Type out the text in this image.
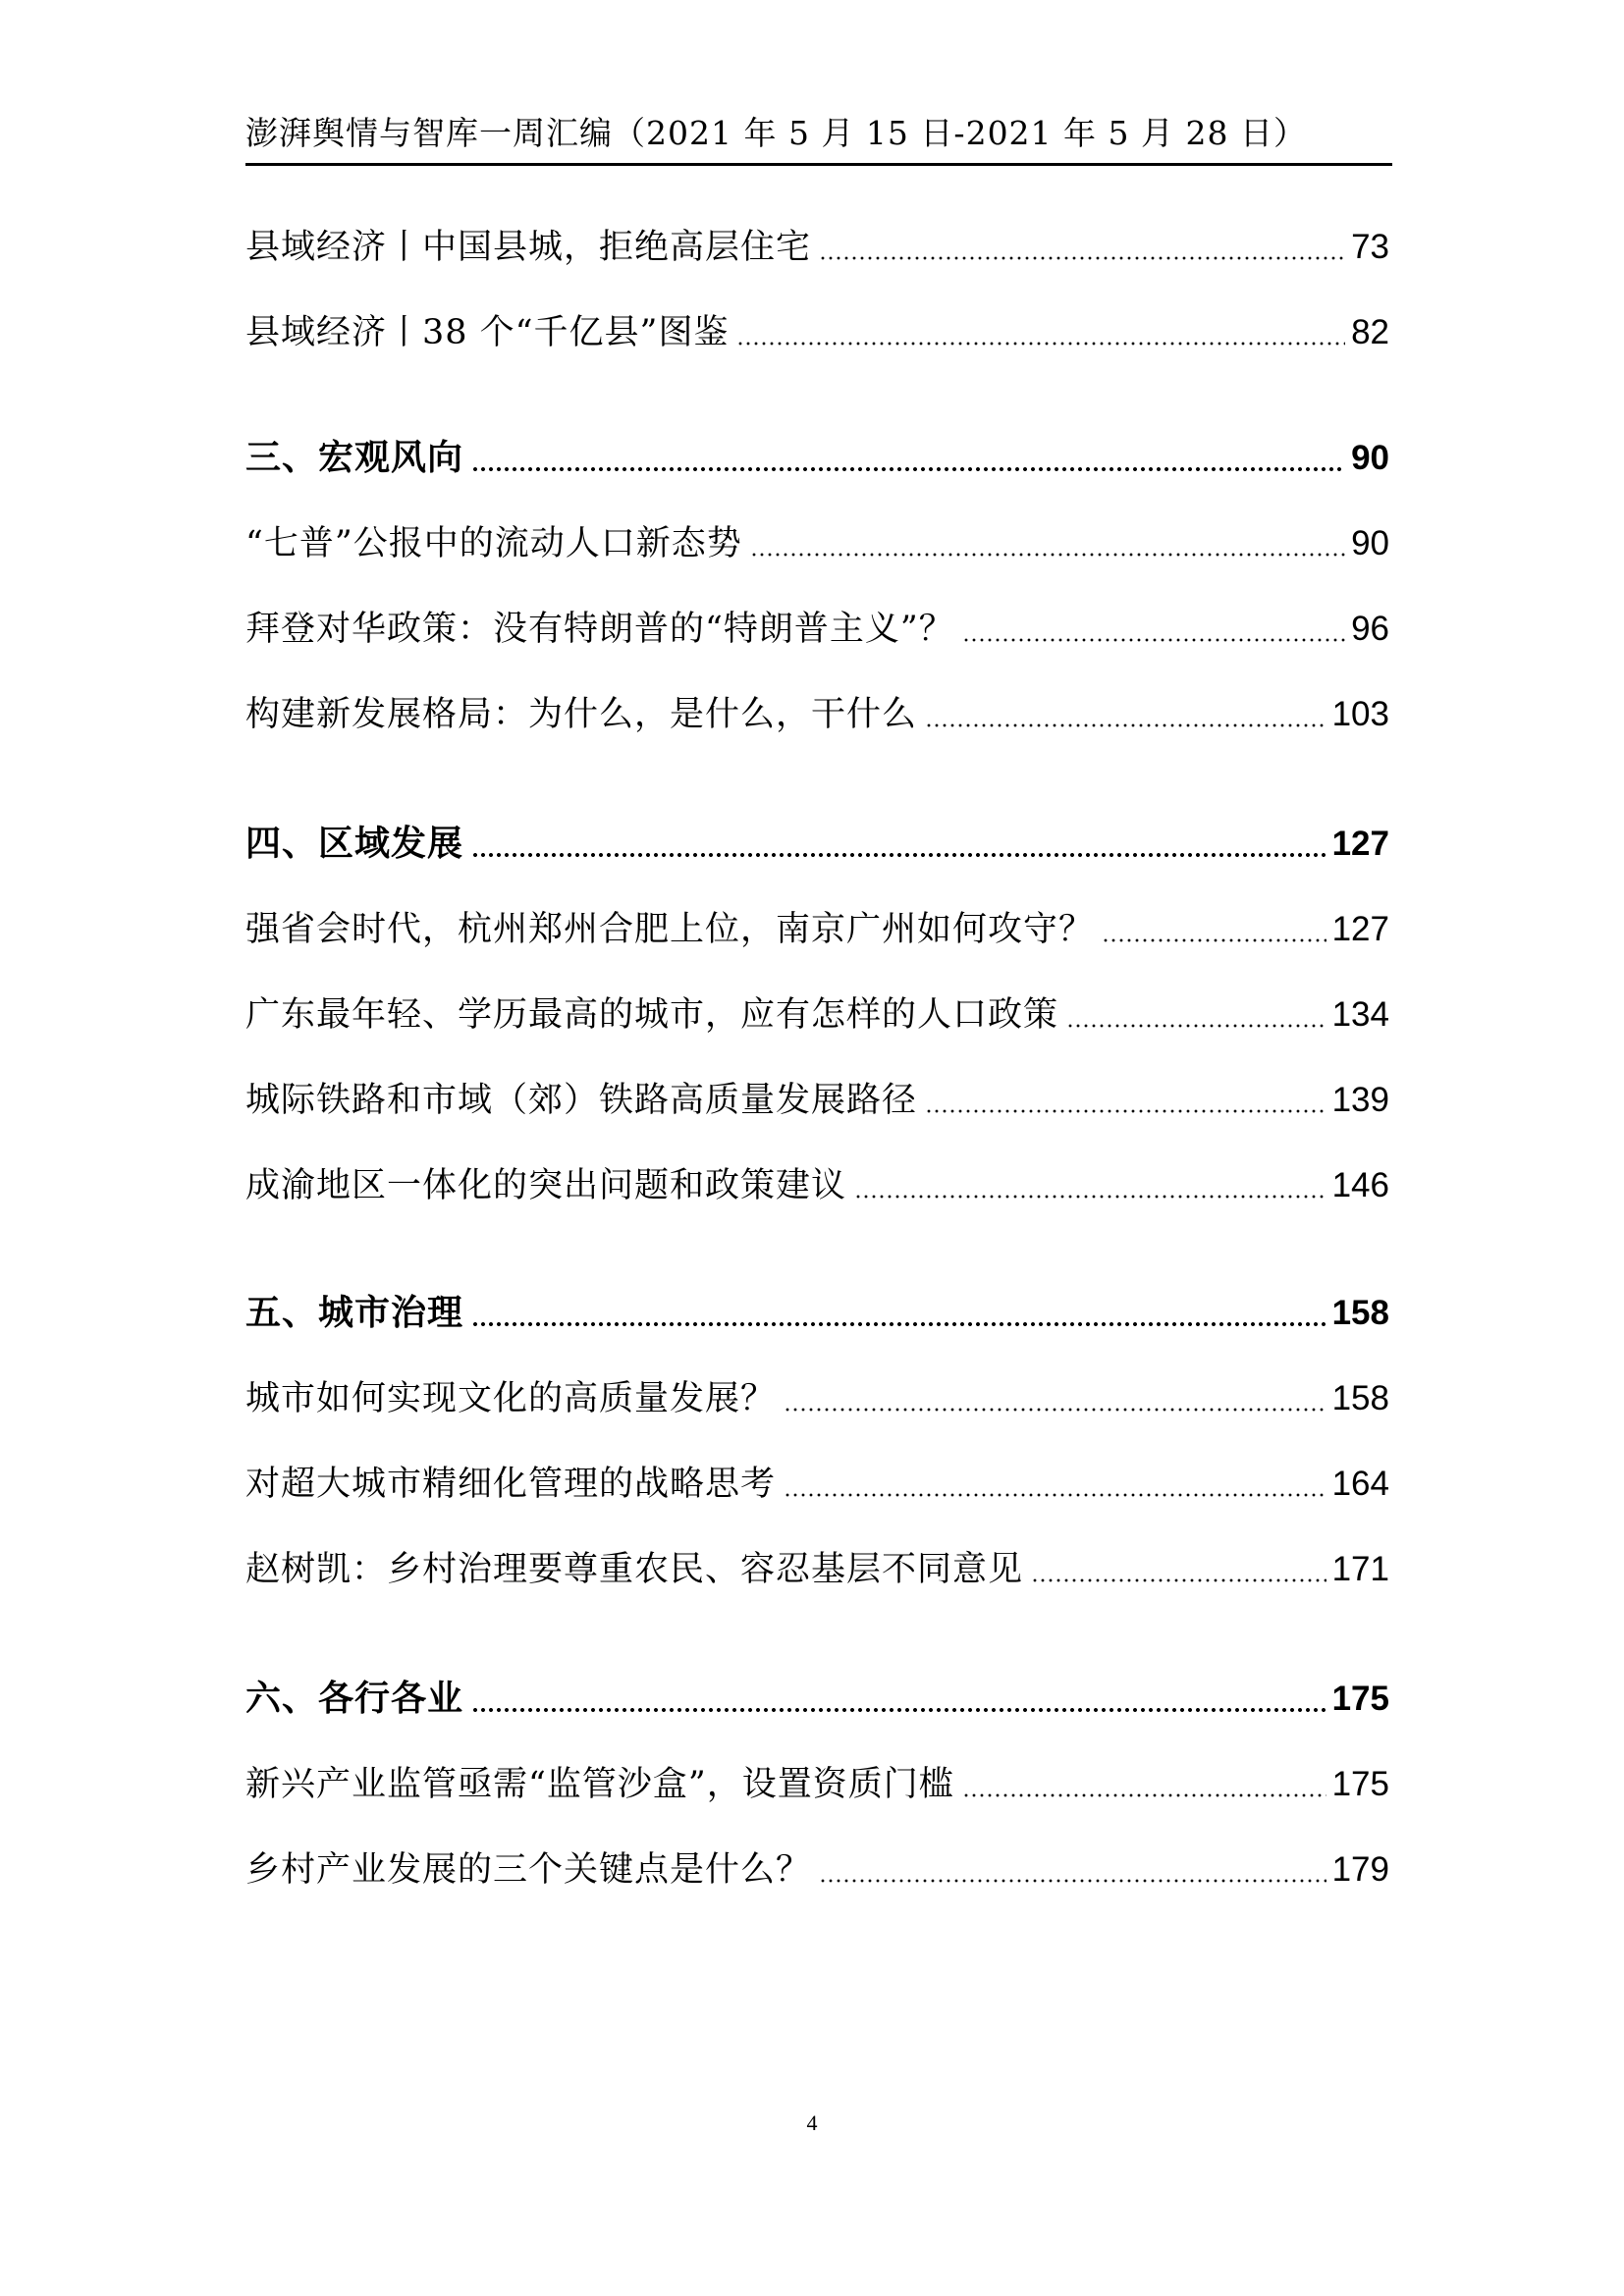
澎湃舆情与智库一周汇编（2021 年 5 月 15 日-2021 年 5 月 28 日）
县域经济丨中国县城，拒绝高层住宅	73
县域经济丨38 个“千亿县”图鉴	82
三、宏观风向	90
“七普”公报中的流动人口新态势	90
拜登对华政策：没有特朗普的“特朗普主义”？	96
构建新发展格局：为什么，是什么，干什么	103
四、区域发展	127
强省会时代，杭州郑州合肥上位，南京广州如何攻守？	127
广东最年轻、学历最高的城市，应有怎样的人口政策	134
城际铁路和市域（郊）铁路高质量发展路径	139
成渝地区一体化的突出问题和政策建议	146
五、城市治理	158
城市如何实现文化的高质量发展？	158
对超大城市精细化管理的战略思考	164
赵树凯：乡村治理要尊重农民、容忍基层不同意见	171
六、各行各业	175
新兴产业监管亟需“监管沙盒”，设置资质门槛	175
乡村产业发展的三个关键点是什么？	179
4
